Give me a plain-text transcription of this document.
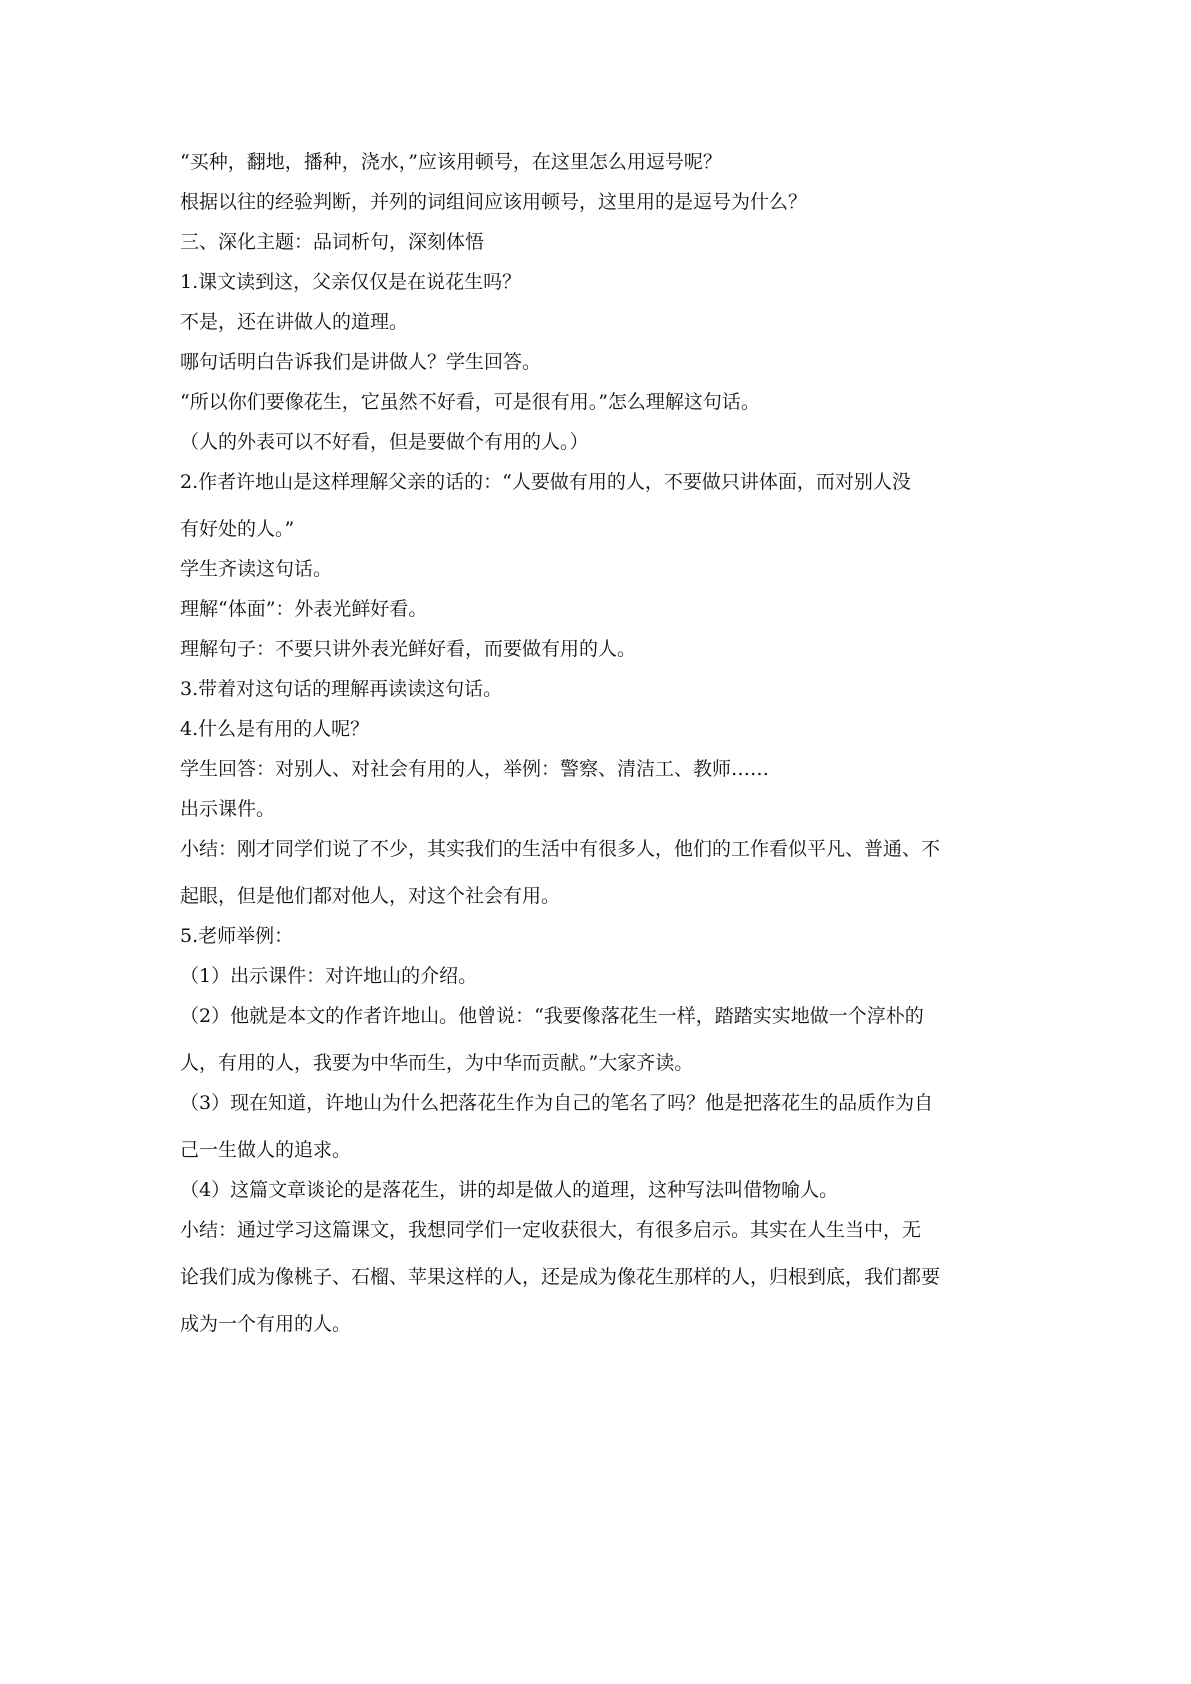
“买种，翻地，播种，浇水，”应该用顿号，在这里怎么用逗号呢？
根据以往的经验判断，并列的词组间应该用顿号，这里用的是逗号为什么？
三、深化主题：品词析句，深刻体悟
1.课文读到这，父亲仅仅是在说花生吗？
不是，还在讲做人的道理。
哪句话明白告诉我们是讲做人？学生回答。
“所以你们要像花生，它虽然不好看，可是很有用。”怎么理解这句话。
（人的外表可以不好看，但是要做个有用的人。）
2.作者许地山是这样理解父亲的话的：“人要做有用的人，不要做只讲体面，而对别人没
有好处的人。”
学生齐读这句话。
理解“体面”：外表光鲜好看。
理解句子：不要只讲外表光鲜好看，而要做有用的人。
3.带着对这句话的理解再读读这句话。
4.什么是有用的人呢？
学生回答：对别人、对社会有用的人，举例：警察、清洁工、教师……
出示课件。
小结：刚才同学们说了不少，其实我们的生活中有很多人，他们的工作看似平凡、普通、不
起眼，但是他们都对他人，对这个社会有用。
5.老师举例：
（1）出示课件：对许地山的介绍。
（2）他就是本文的作者许地山。他曾说：“我要像落花生一样，踏踏实实地做一个淳朴的
人，有用的人，我要为中华而生，为中华而贡献。”大家齐读。
（3）现在知道，许地山为什么把落花生作为自己的笔名了吗？他是把落花生的品质作为自
己一生做人的追求。
（4）这篇文章谈论的是落花生，讲的却是做人的道理，这种写法叫借物喻人。
小结：通过学习这篇课文，我想同学们一定收获很大，有很多启示。其实在人生当中，无
论我们成为像桃子、石榴、苹果这样的人，还是成为像花生那样的人，归根到底，我们都要
成为一个有用的人。
